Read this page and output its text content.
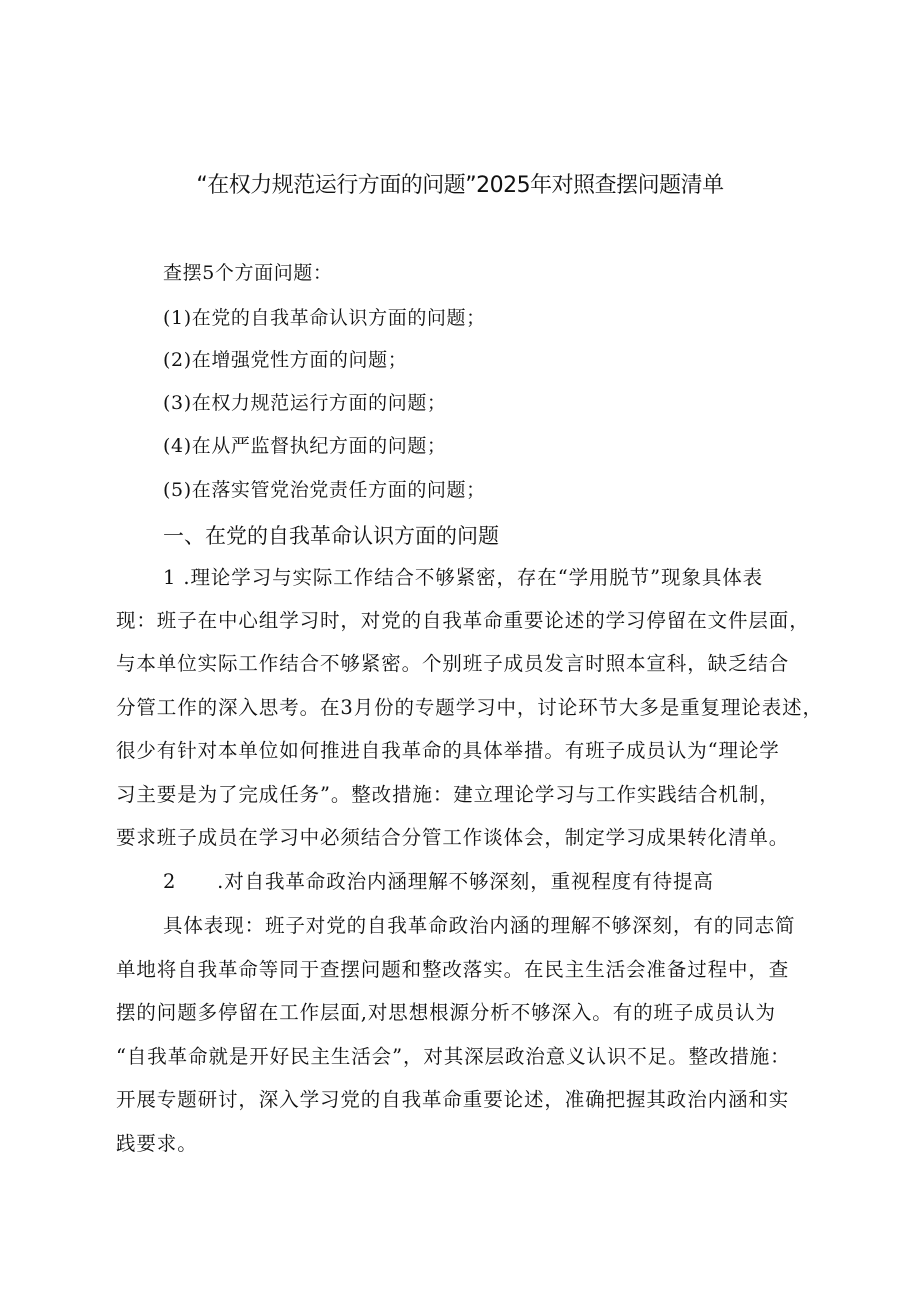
“在权力规范运行方面的问题”2025年对照查摆问题清单
查摆5个方面问题：
(1)在党的自我革命认识方面的问题；
(2)在增强党性方面的问题；
(3)在权力规范运行方面的问题；
(4)在从严监督执纪方面的问题；
(5)在落实管党治党责任方面的问题；
一、在党的自我革命认识方面的问题
1 .理论学习与实际工作结合不够紧密，存在“学用脱节”现象具体表
现：班子在中心组学习时，对党的自我革命重要论述的学习停留在文件层面，
与本单位实际工作结合不够紧密。个别班子成员发言时照本宣科，缺乏结合
分管工作的深入思考。在3月份的专题学习中，讨论环节大多是重复理论表述，
很少有针对本单位如何推进自我革命的具体举措。有班子成员认为“理论学
习主要是为了完成任务”。整改措施：建立理论学习与工作实践结合机制，
要求班子成员在学习中必须结合分管工作谈体会，制定学习成果转化清单。
2　　.对自我革命政治内涵理解不够深刻，重视程度有待提高
具体表现：班子对党的自我革命政治内涵的理解不够深刻，有的同志简
单地将自我革命等同于查摆问题和整改落实。在民主生活会准备过程中，查
摆的问题多停留在工作层面,对思想根源分析不够深入。有的班子成员认为
“自我革命就是开好民主生活会”，对其深层政治意义认识不足。整改措施：
开展专题研讨，深入学习党的自我革命重要论述，准确把握其政治内涵和实
践要求。
